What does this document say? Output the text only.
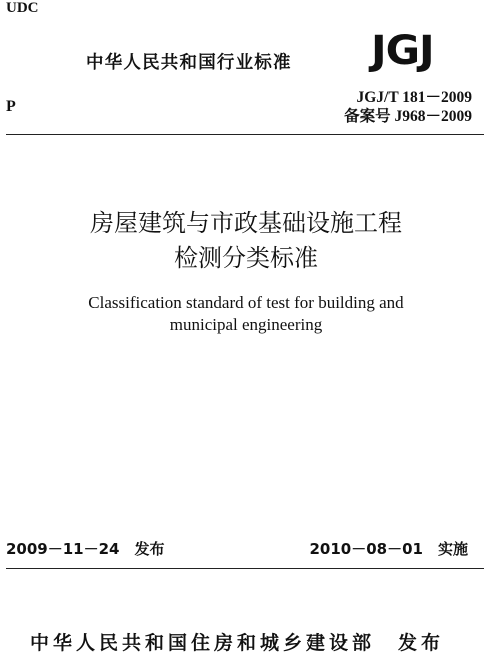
UDC
中华人民共和国行业标准 JGJ
P
JGJ/T 181－2009
备案号 J968－2009
房屋建筑与市政基础设施工程
检测分类标准
Classification standard of test for building and
municipal engineering
2009－11－24　发布	2010－08－01　实施
中华人民共和国住房和城乡建设部　发布
